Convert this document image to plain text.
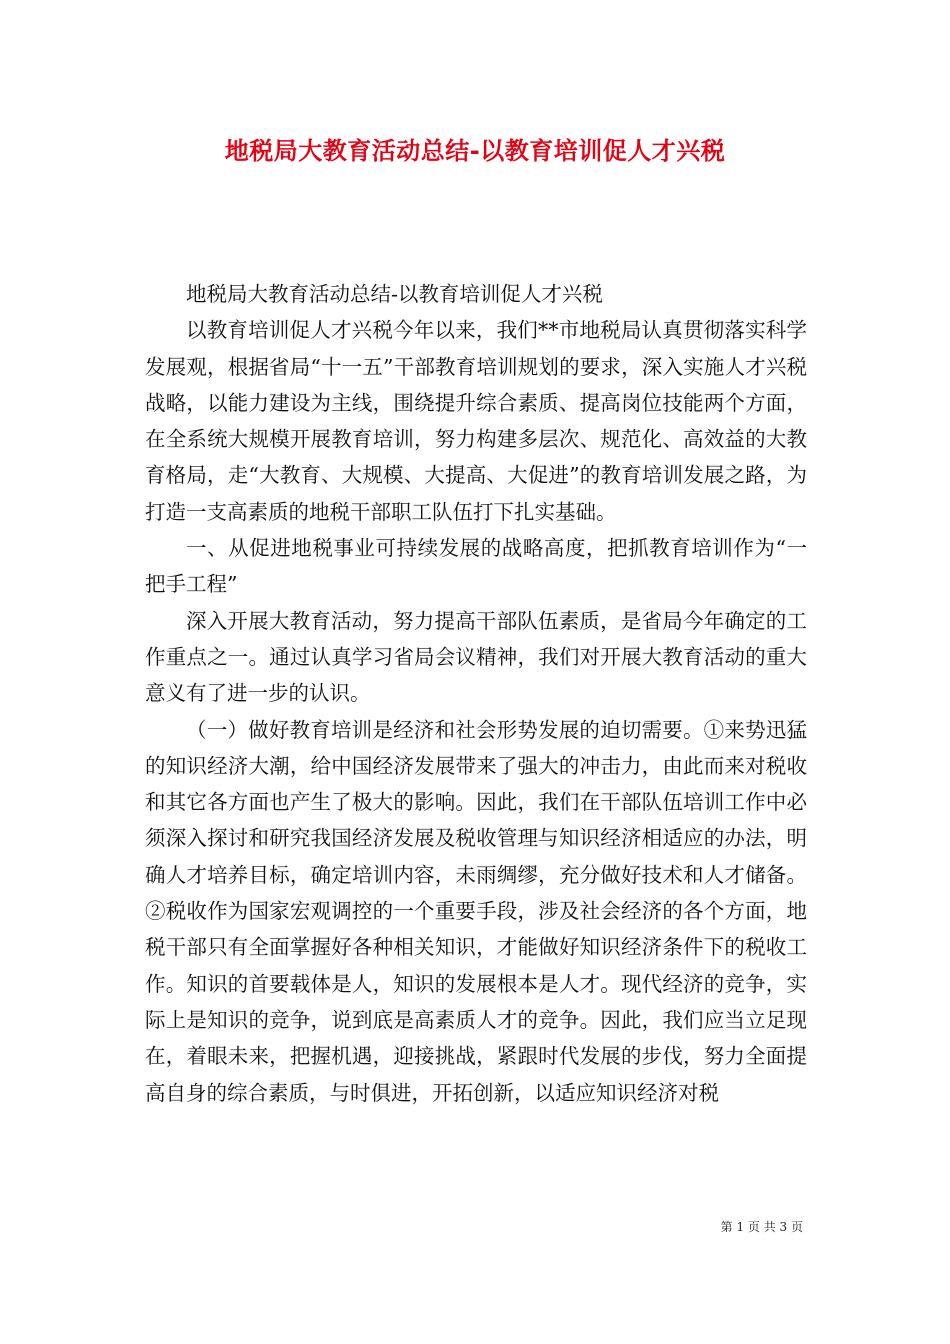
地税局大教育活动总结-以教育培训促人才兴税

地税局大教育活动总结-以教育培训促人才兴税

以教育培训促人才兴税今年以来，我们**市地税局认真贯彻落实科学发展观，根据省局“十一五”干部教育培训规划的要求，深入实施人才兴税战略，以能力建设为主线，围绕提升综合素质、提高岗位技能两个方面，在全系统大规模开展教育培训，努力构建多层次、规范化、高效益的大教育格局，走“大教育、大规模、大提高、大促进”的教育培训发展之路，为打造一支高素质的地税干部职工队伍打下扎实基础。

一、从促进地税事业可持续发展的战略高度，把抓教育培训作为“一把手工程”

深入开展大教育活动，努力提高干部队伍素质，是省局今年确定的工作重点之一。通过认真学习省局会议精神，我们对开展大教育活动的重大意义有了进一步的认识。

（一）做好教育培训是经济和社会形势发展的迫切需要。①来势迅猛的知识经济大潮，给中国经济发展带来了强大的冲击力，由此而来对税收和其它各方面也产生了极大的影响。因此，我们在干部队伍培训工作中必须深入探讨和研究我国经济发展及税收管理与知识经济相适应的办法，明确人才培养目标，确定培训内容，未雨绸缪，充分做好技术和人才储备。②税收作为国家宏观调控的一个重要手段，涉及社会经济的各个方面，地税干部只有全面掌握好各种相关知识，才能做好知识经济条件下的税收工作。知识的首要载体是人，知识的发展根本是人才。现代经济的竞争，实际上是知识的竞争，说到底是高素质人才的竞争。因此，我们应当立足现在，着眼未来，把握机遇，迎接挑战，紧跟时代发展的步伐，努力全面提高自身的综合素质，与时俱进，开拓创新，以适应知识经济对税

第 1 页 共 3 页
